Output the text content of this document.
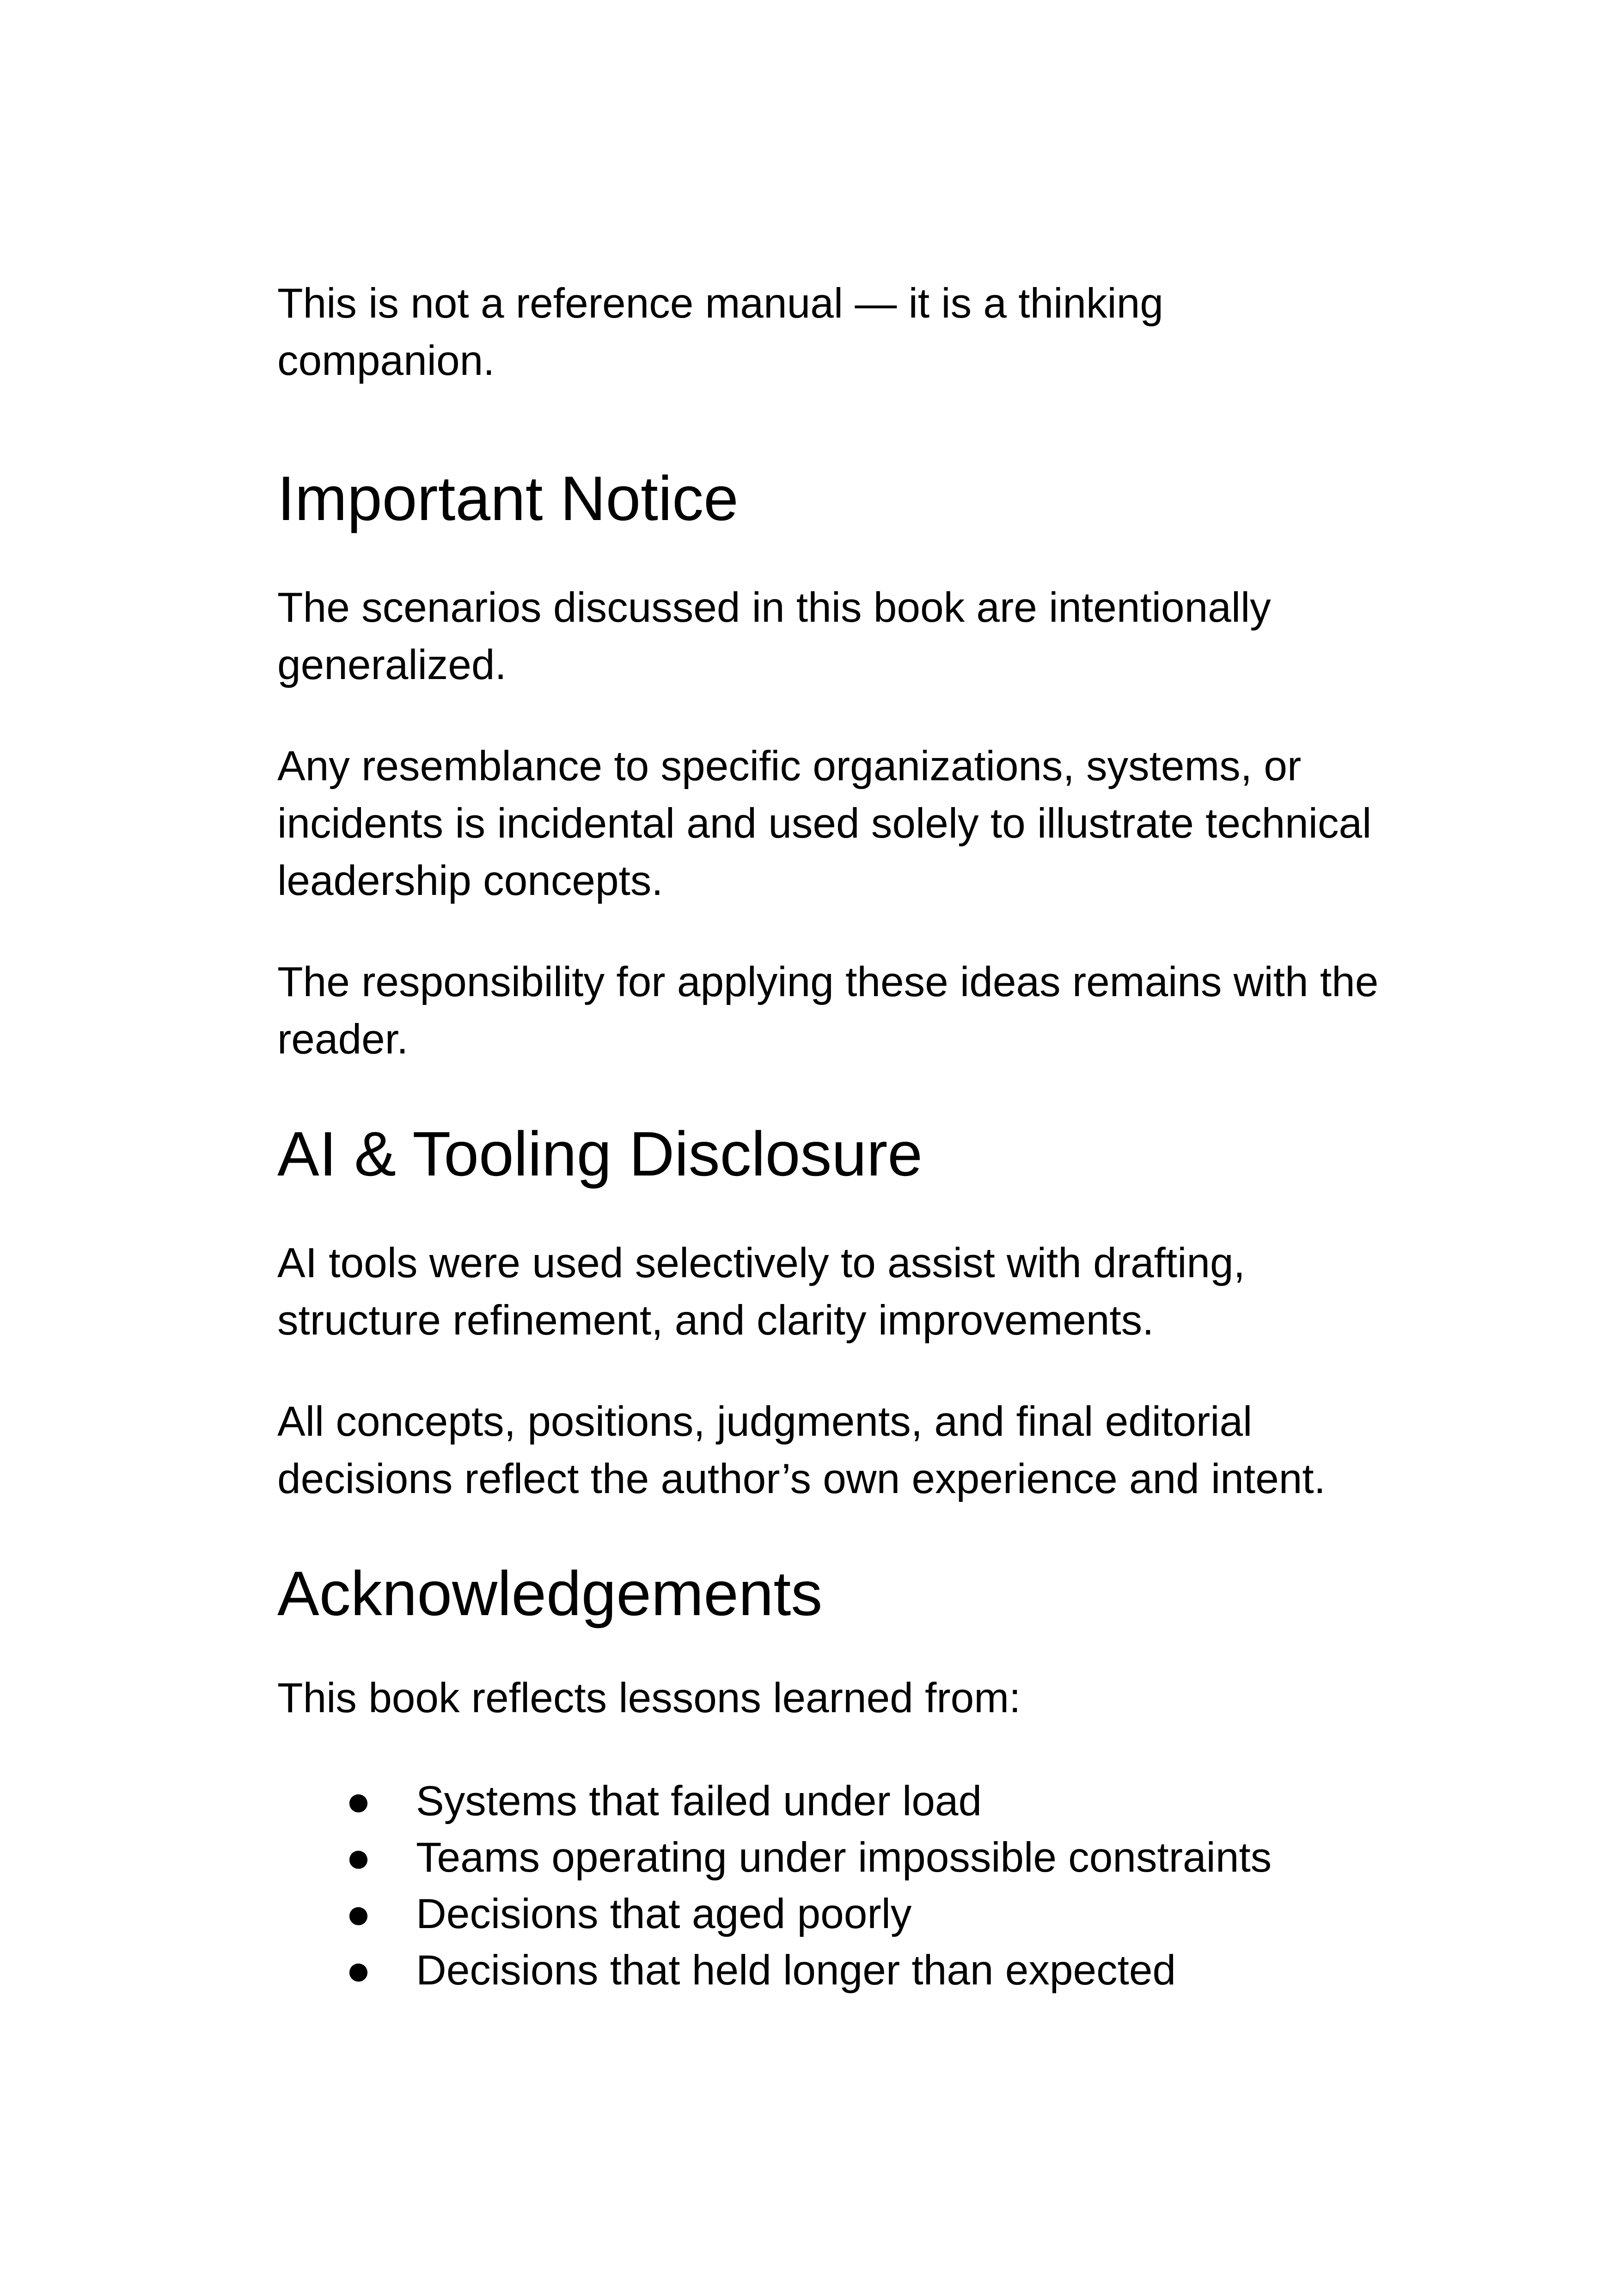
This is not a reference manual — it is a thinking companion.

Important Notice

The scenarios discussed in this book are intentionally generalized.

Any resemblance to specific organizations, systems, or incidents is incidental and used solely to illustrate technical leadership concepts.

The responsibility for applying these ideas remains with the reader.

AI & Tooling Disclosure

AI tools were used selectively to assist with drafting, structure refinement, and clarity improvements.

All concepts, positions, judgments, and final editorial decisions reflect the author’s own experience and intent.

Acknowledgements

This book reflects lessons learned from:

● Systems that failed under load
● Teams operating under impossible constraints
● Decisions that aged poorly
● Decisions that held longer than expected
